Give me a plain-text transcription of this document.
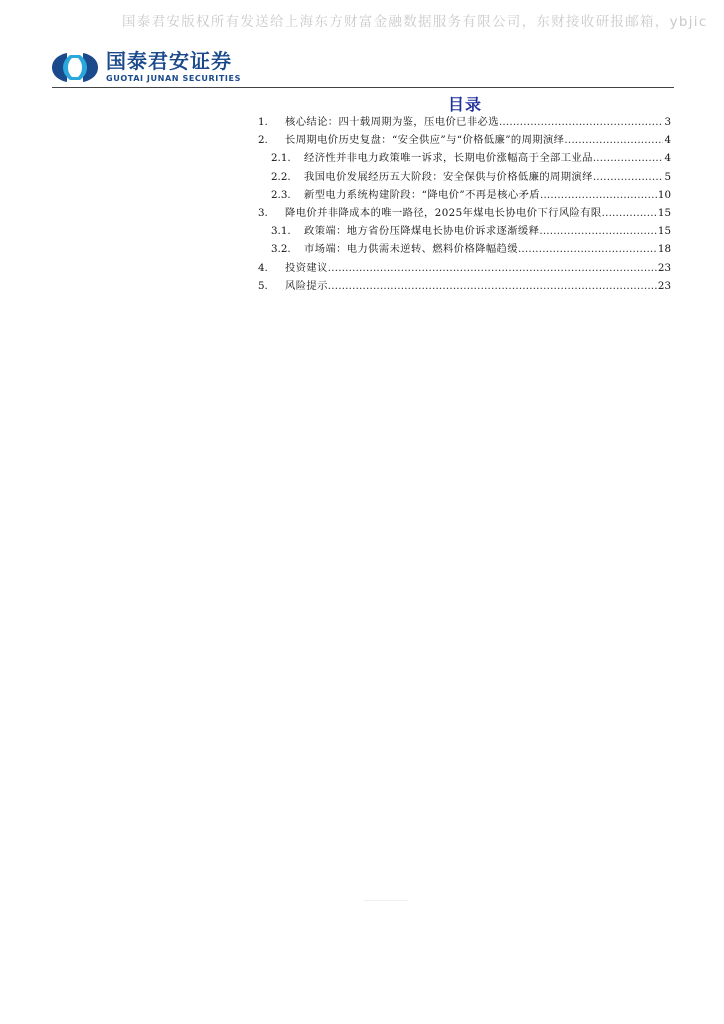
国泰君安版权所有发送给上海东方财富金融数据服务有限公司，东财接收研报邮箱，ybjic
国泰君安证券
GUOTAI JUNAN SECURITIES
目录
1.	核心结论：四十载周期为鉴，压电价已非必选 .....	3
2.	长周期电价历史复盘：“安全供应”与“价格低廉”的周期演绎 .....	4
2.1.	经济性并非电力政策唯一诉求，长期电价涨幅高于全部工业品 .....	4
2.2.	我国电价发展经历五大阶段：安全保供与价格低廉的周期演绎 .....	5
2.3.	新型电力系统构建阶段：“降电价”不再是核心矛盾 .....	10
3.	降电价并非降成本的唯一路径，2025年煤电长协电价下行风险有限 .....	15
3.1.	政策端：地方省份压降煤电长协电价诉求逐渐缓释 .....	15
3.2.	市场端：电力供需未逆转、燃料价格降幅趋缓 .....	18
4.	投资建议 .....	23
5.	风险提示 .....	23
